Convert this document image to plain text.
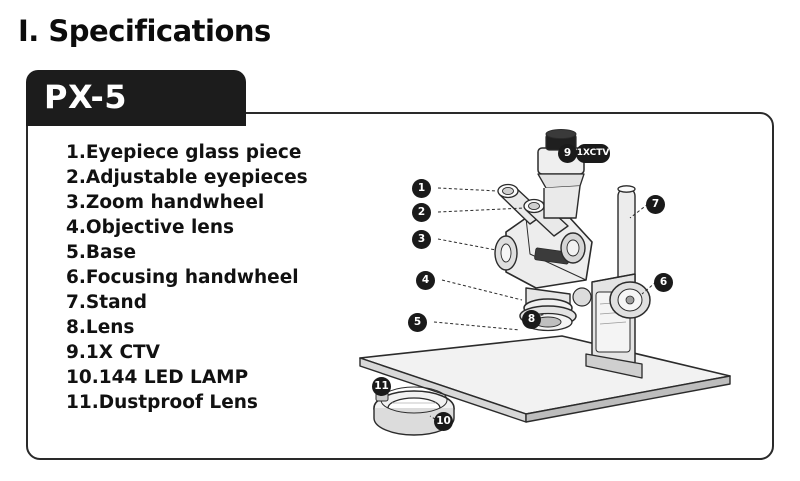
I. Specifications
PX-5
1.Eyepiece glass piece
2.Adjustable eyepieces
3.Zoom handwheel
4.Objective lens
5.Base
6.Focusing handwheel
7.Stand
8.Lens
9.1X CTV
10.144 LED LAMP
11.Dustproof Lens
1
2
3
4
5
6
7
8
9 1XCTV
10
11
